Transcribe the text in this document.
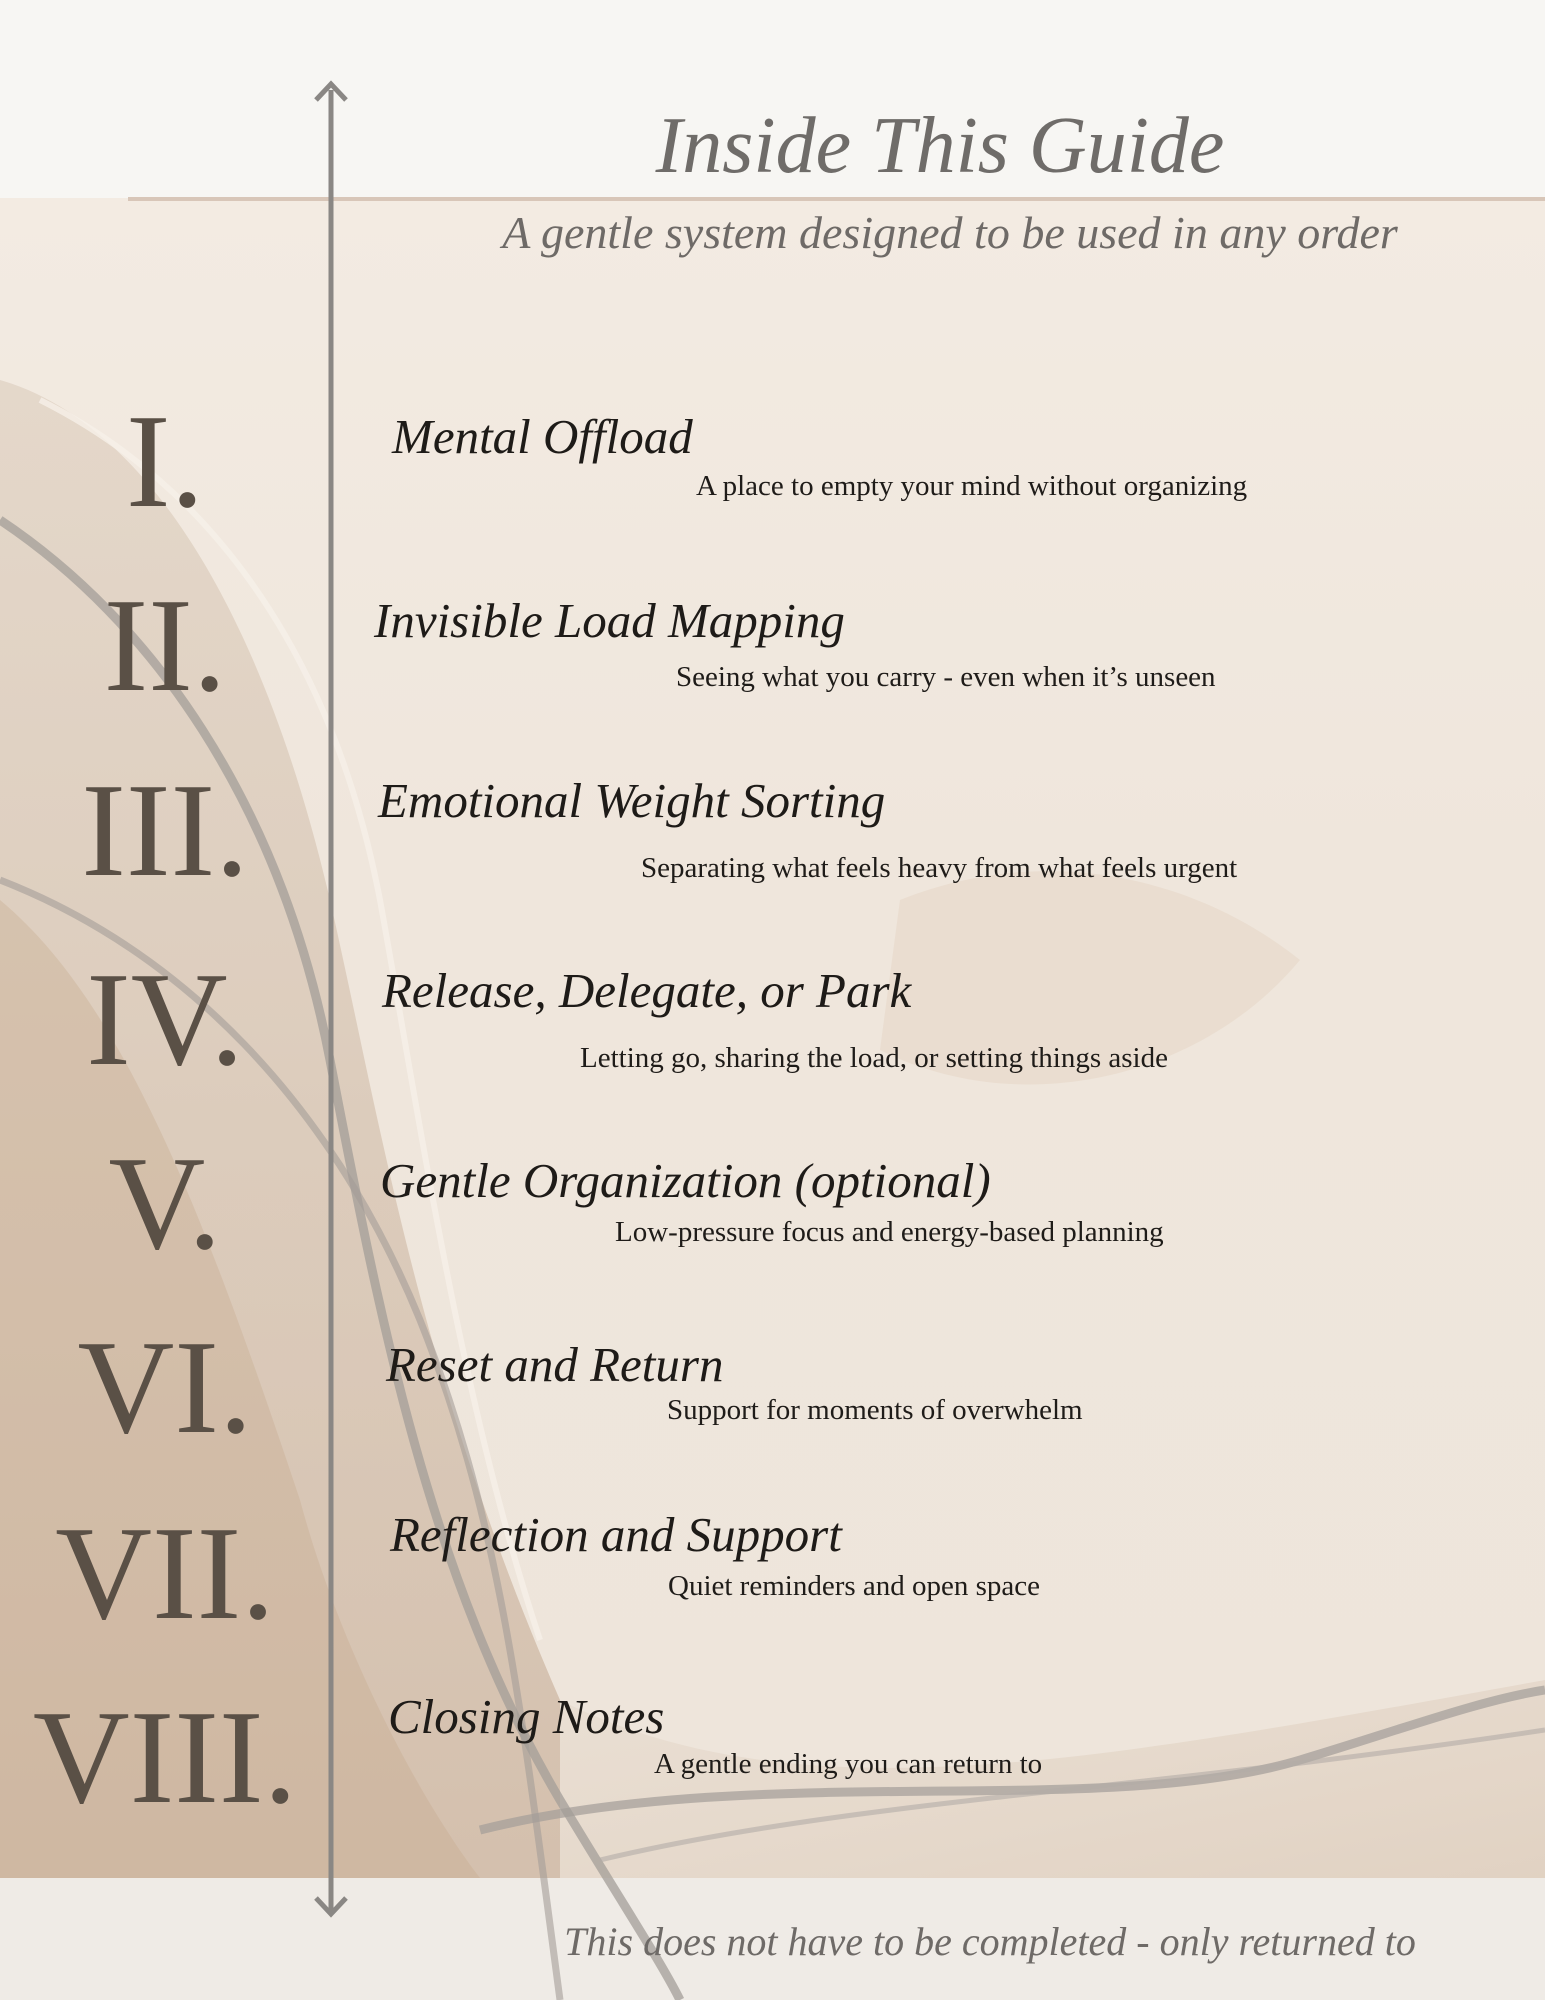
Inside This Guide
A gentle system designed to be used in any order
I.	Mental Offload
A place to empty your mind without organizing
II.	Invisible Load Mapping
Seeing what you carry - even when it’s unseen
III.	Emotional Weight Sorting
Separating what feels heavy from what feels urgent
IV.	Release, Delegate, or Park
Letting go, sharing the load, or setting things aside
V.	Gentle Organization (optional)
Low-pressure focus and energy-based planning
VI.	Reset and Return
Support for moments of overwhelm
VII.	Reflection and Support
Quiet reminders and open space
VIII.	Closing Notes
A gentle ending you can return to
This does not have to be completed - only returned to
